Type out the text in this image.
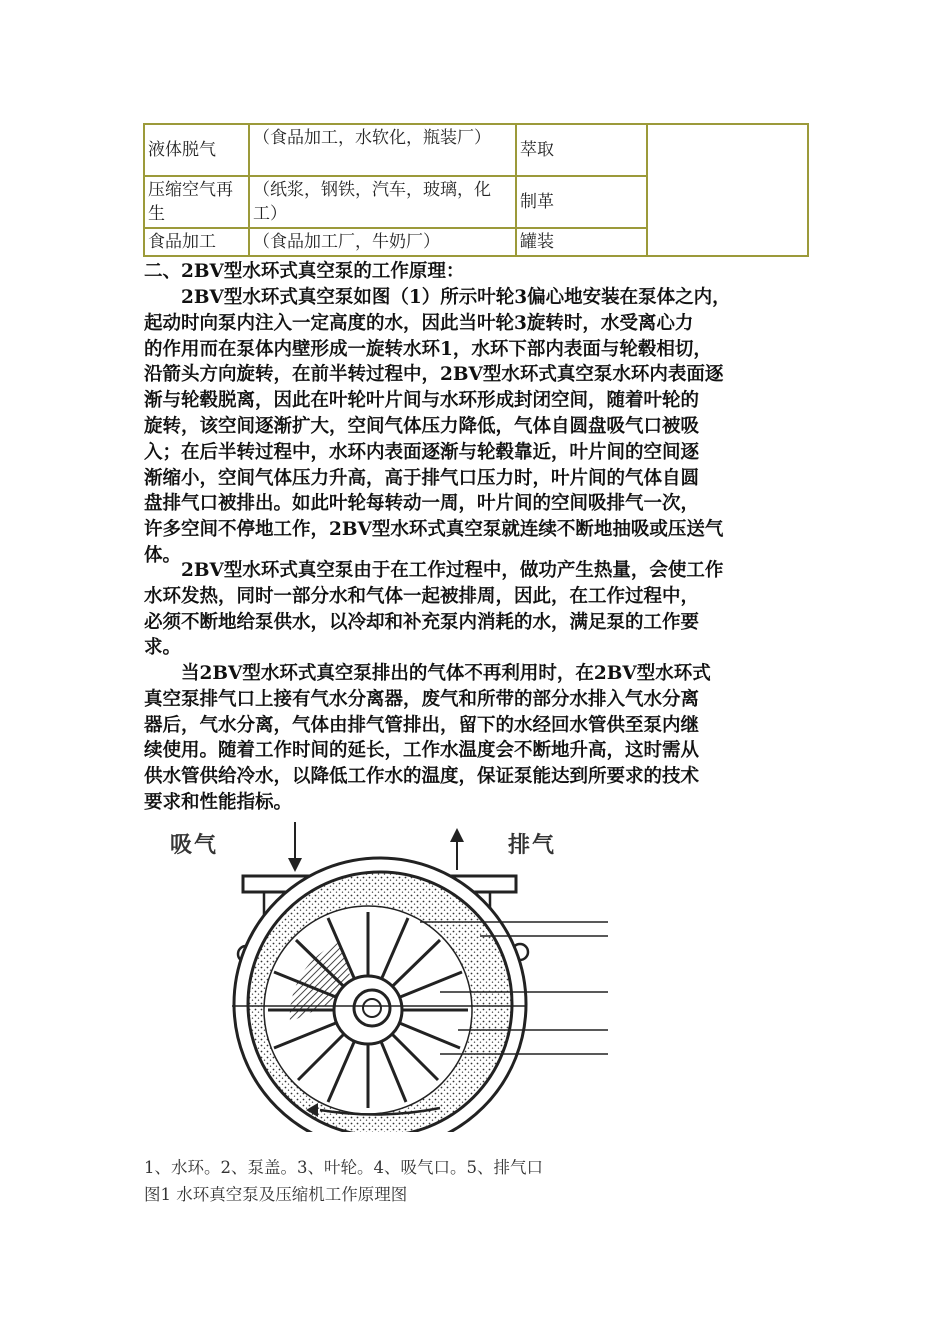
液体脱气
（食品加工，水软化，瓶装厂）
萃取
压缩空气再生
（纸浆，钢铁，汽车，玻璃，化工）
制革
食品加工 （食品加工厂，牛奶厂）	罐装
二、2BV型水环式真空泵的工作原理：

　　2BV型水环式真空泵如图（1）所示叶轮3偏心地安装在泵体之内，
起动时向泵内注入一定高度的水，因此当叶轮3旋转时，水受离心力
的作用而在泵体内壁形成一旋转水环1，水环下部内表面与轮毂相切，
沿箭头方向旋转，在前半转过程中，2BV型水环式真空泵水环内表面逐
渐与轮毂脱离，因此在叶轮叶片间与水环形成封闭空间，随着叶轮的
旋转，该空间逐渐扩大，空间气体压力降低，气体自圆盘吸气口被吸
入；在后半转过程中，水环内表面逐渐与轮毂靠近，叶片间的空间逐
渐缩小，空间气体压力升高，高于排气口压力时，叶片间的气体自圆
盘排气口被排出。如此叶轮每转动一周，叶片间的空间吸排气一次，
许多空间不停地工作，2BV型水环式真空泵就连续不断地抽吸或压送气
体。

　　2BV型水环式真空泵由于在工作过程中，做功产生热量，会使工作
水环发热，同时一部分水和气体一起被排周，因此，在工作过程中，
必须不断地给泵供水，以冷却和补充泵内消耗的水，满足泵的工作要
求。

　　当2BV型水环式真空泵排出的气体不再利用时，在2BV型水环式
真空泵排气口上接有气水分离器，废气和所带的部分水排入气水分离
器后，气水分离，气体由排气管排出，留下的水经回水管供至泵内继
续使用。随着工作时间的延长，工作水温度会不断地升高，这时需从
供水管供给冷水，以降低工作水的温度，保证泵能达到所要求的技术
要求和性能指标。

吸气	排气
1、水环。2、泵盖。3、叶轮。4、吸气口。5、排气口
图1 水环真空泵及压缩机工作原理图
